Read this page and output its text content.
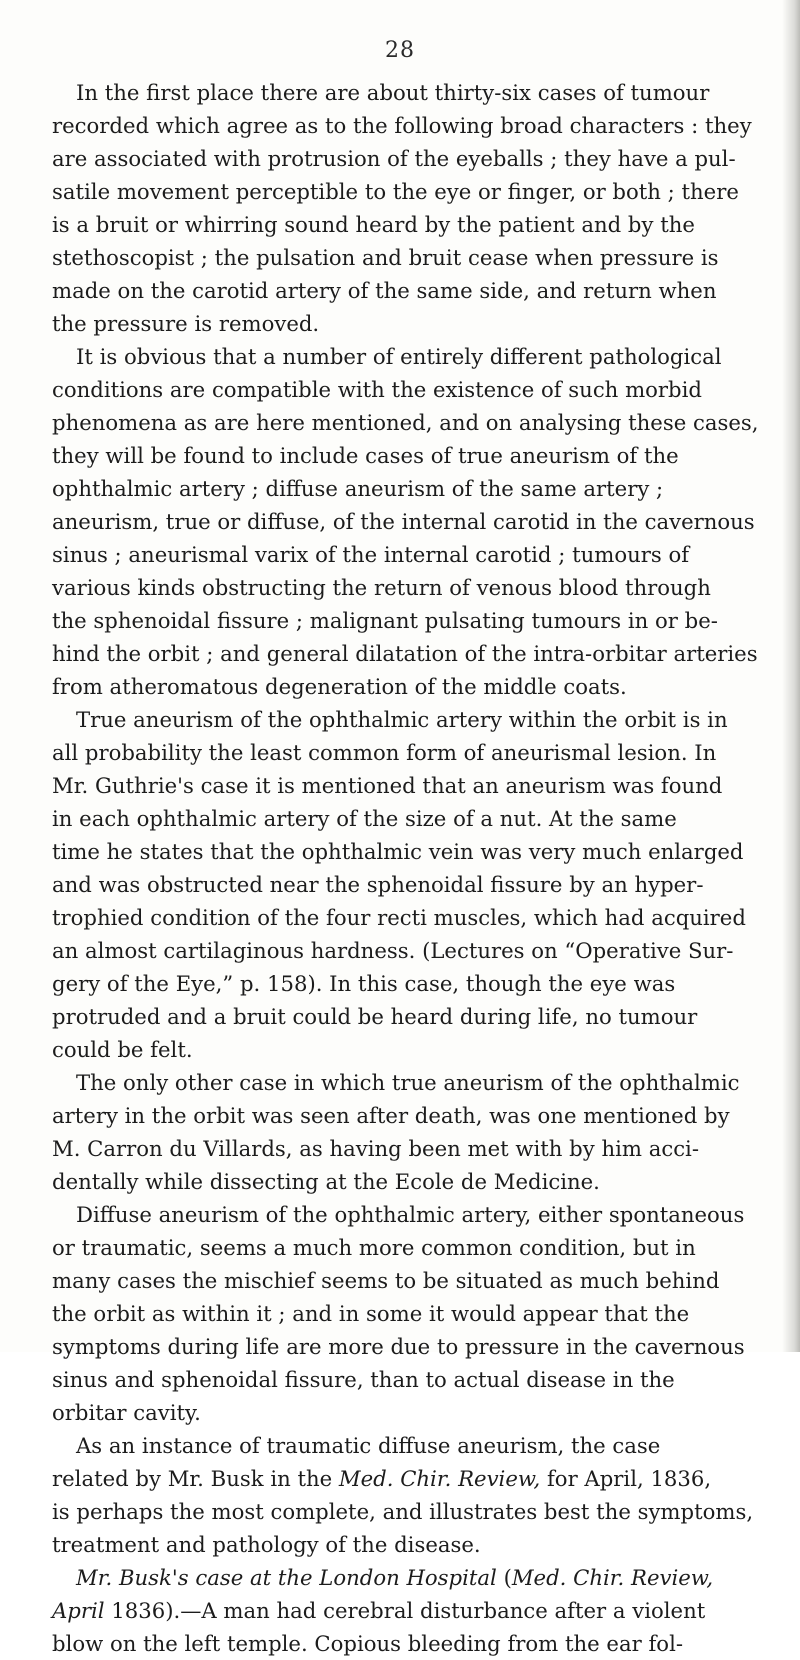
28
In the first place there are about thirty-six cases of tumour
recorded which agree as to the following broad characters : they
are associated with protrusion of the eyeballs ; they have a pul-
satile movement perceptible to the eye or finger, or both ; there
is a bruit or whirring sound heard by the patient and by the
stethoscopist ; the pulsation and bruit cease when pressure is
made on the carotid artery of the same side, and return when
the pressure is removed.
It is obvious that a number of entirely different pathological
conditions are compatible with the existence of such morbid
phenomena as are here mentioned, and on analysing these cases,
they will be found to include cases of true aneurism of the
ophthalmic artery ; diffuse aneurism of the same artery ;
aneurism, true or diffuse, of the internal carotid in the cavernous
sinus ; aneurismal varix of the internal carotid ; tumours of
various kinds obstructing the return of venous blood through
the sphenoidal fissure ; malignant pulsating tumours in or be-
hind the orbit ; and general dilatation of the intra-orbitar arteries
from atheromatous degeneration of the middle coats.
True aneurism of the ophthalmic artery within the orbit is in
all probability the least common form of aneurismal lesion. In
Mr. Guthrie's case it is mentioned that an aneurism was found
in each ophthalmic artery of the size of a nut. At the same
time he states that the ophthalmic vein was very much enlarged
and was obstructed near the sphenoidal fissure by an hyper-
trophied condition of the four recti muscles, which had acquired
an almost cartilaginous hardness. (Lectures on “Operative Sur-
gery of the Eye,” p. 158). In this case, though the eye was
protruded and a bruit could be heard during life, no tumour
could be felt.
The only other case in which true aneurism of the ophthalmic
artery in the orbit was seen after death, was one mentioned by
M. Carron du Villards, as having been met with by him acci-
dentally while dissecting at the Ecole de Medicine.
Diffuse aneurism of the ophthalmic artery, either spontaneous
or traumatic, seems a much more common condition, but in
many cases the mischief seems to be situated as much behind
the orbit as within it ; and in some it would appear that the
symptoms during life are more due to pressure in the cavernous
sinus and sphenoidal fissure, than to actual disease in the
orbitar cavity.
As an instance of traumatic diffuse aneurism, the case
related by Mr. Busk in the Med. Chir. Review, for April, 1836,
is perhaps the most complete, and illustrates best the symptoms,
treatment and pathology of the disease.
Mr. Busk's case at the London Hospital (Med. Chir. Review,
April 1836).—A man had cerebral disturbance after a violent
blow on the left temple. Copious bleeding from the ear fol-
